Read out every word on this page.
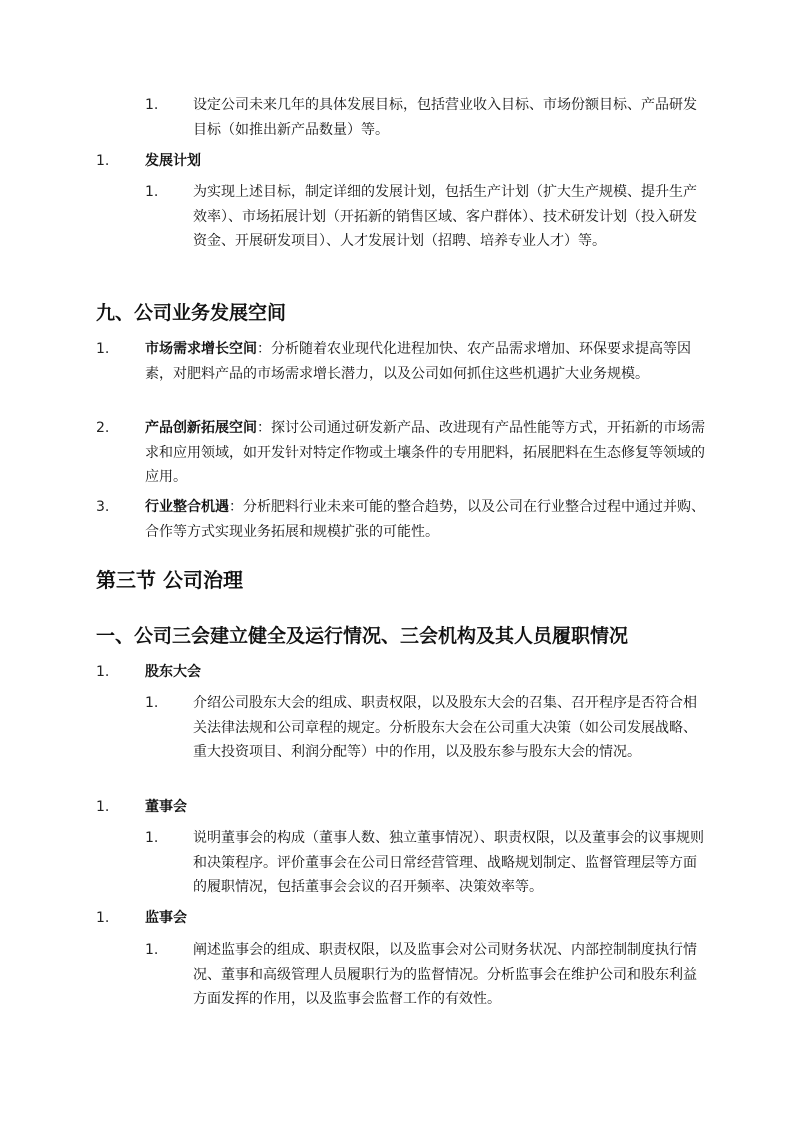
1. 设定公司未来几年的具体发展目标，包括营业收入目标、市场份额目标、产品研发目标（如推出新产品数量）等。
1.	发展计划
1. 为实现上述目标，制定详细的发展计划，包括生产计划（扩大生产规模、提升生产效率）、市场拓展计划（开拓新的销售区域、客户群体）、技术研发计划（投入研发资金、开展研发项目）、人才发展计划（招聘、培养专业人才）等。
九、公司业务发展空间
1.	市场需求增长空间：分析随着农业现代化进程加快、农产品需求增加、环保要求提高等因素，对肥料产品的市场需求增长潜力，以及公司如何抓住这些机遇扩大业务规模。
2.	产品创新拓展空间：探讨公司通过研发新产品、改进现有产品性能等方式，开拓新的市场需求和应用领域，如开发针对特定作物或土壤条件的专用肥料，拓展肥料在生态修复等领域的应用。
3.	行业整合机遇：分析肥料行业未来可能的整合趋势，以及公司在行业整合过程中通过并购、合作等方式实现业务拓展和规模扩张的可能性。
第三节 公司治理
一、公司三会建立健全及运行情况、三会机构及其人员履职情况
1.	股东大会
1. 介绍公司股东大会的组成、职责权限，以及股东大会的召集、召开程序是否符合相关法律法规和公司章程的规定。分析股东大会在公司重大决策（如公司发展战略、重大投资项目、利润分配等）中的作用，以及股东参与股东大会的情况。
1.	董事会
1. 说明董事会的构成（董事人数、独立董事情况）、职责权限，以及董事会的议事规则和决策程序。评价董事会在公司日常经营管理、战略规划制定、监督管理层等方面的履职情况，包括董事会会议的召开频率、决策效率等。
1.	监事会
1. 阐述监事会的组成、职责权限，以及监事会对公司财务状况、内部控制制度执行情况、董事和高级管理人员履职行为的监督情况。分析监事会在维护公司和股东利益方面发挥的作用，以及监事会监督工作的有效性。
